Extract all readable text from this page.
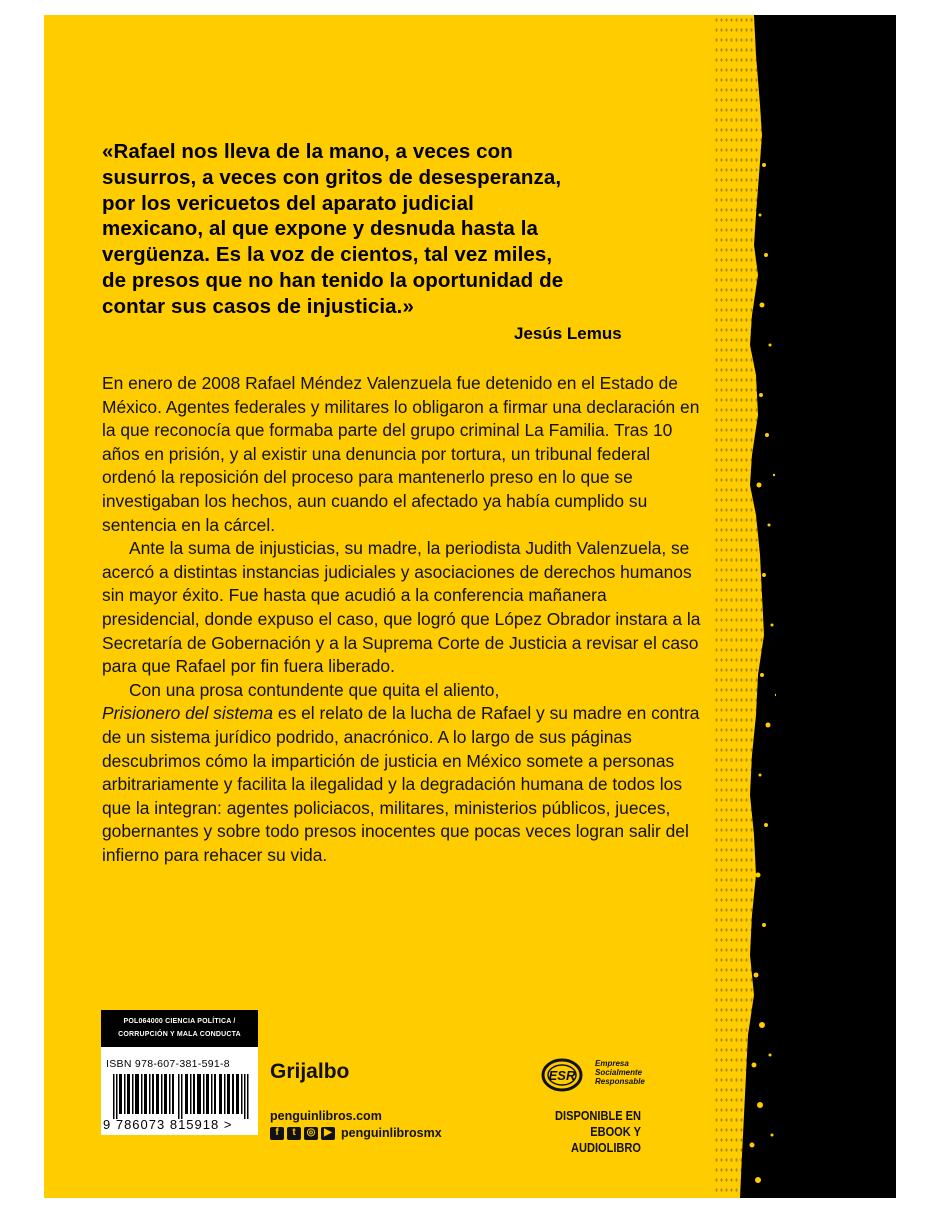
«Rafael nos lleva de la mano, a veces con
susurros, a veces con gritos de desesperanza,
por los vericuetos del aparato judicial
mexicano, al que expone y desnuda hasta la
vergüenza. Es la voz de cientos, tal vez miles,
de presos que no han tenido la oportunidad de
contar sus casos de injusticia.»
Jesús Lemus

En enero de 2008 Rafael Méndez Valenzuela fue detenido en el Estado de México. Agentes federales y militares lo obligaron a firmar una declaración en la que reconocía que formaba parte del grupo criminal La Familia. Tras 10 años en prisión, y al existir una denuncia por tortura, un tribunal federal ordenó la reposición del proceso para mantenerlo preso en lo que se investigaban los hechos, aun cuando el afectado ya había cumplido su sentencia en la cárcel.

Ante la suma de injusticias, su madre, la periodista Judith Valenzuela, se acercó a distintas instancias judiciales y asociaciones de derechos humanos sin mayor éxito. Fue hasta que acudió a la conferencia mañanera presidencial, donde expuso el caso, que logró que López Obrador instara a la Secretaría de Gobernación y a la Suprema Corte de Justicia a revisar el caso para que Rafael por fin fuera liberado.

Con una prosa contundente que quita el aliento,
Prisionero del sistema es el relato de la lucha de Rafael y su madre en contra de un sistema jurídico podrido, anacrónico. A lo largo de sus páginas descubrimos cómo la impartición de justicia en México somete a personas arbitrariamente y facilita la ilegalidad y la degradación humana de todos los que la integran: agentes policiacos, militares, ministerios públicos, jueces, gobernantes y sobre todo presos inocentes que pocas veces logran salir del infierno para rehacer su vida.

POL064000 CIENCIA POLÍTICA /
CORRUPCIÓN Y MALA CONDUCTA
ISBN 978-607-381-591-8
9 786073 815918 >
Grijalbo
penguinlibros.com
f	t	◎ ▶ penguinlibrosmx
ESR
Empresa
Socialmente
Responsable
DISPONIBLE EN
EBOOK Y AUDIOLIBRO
